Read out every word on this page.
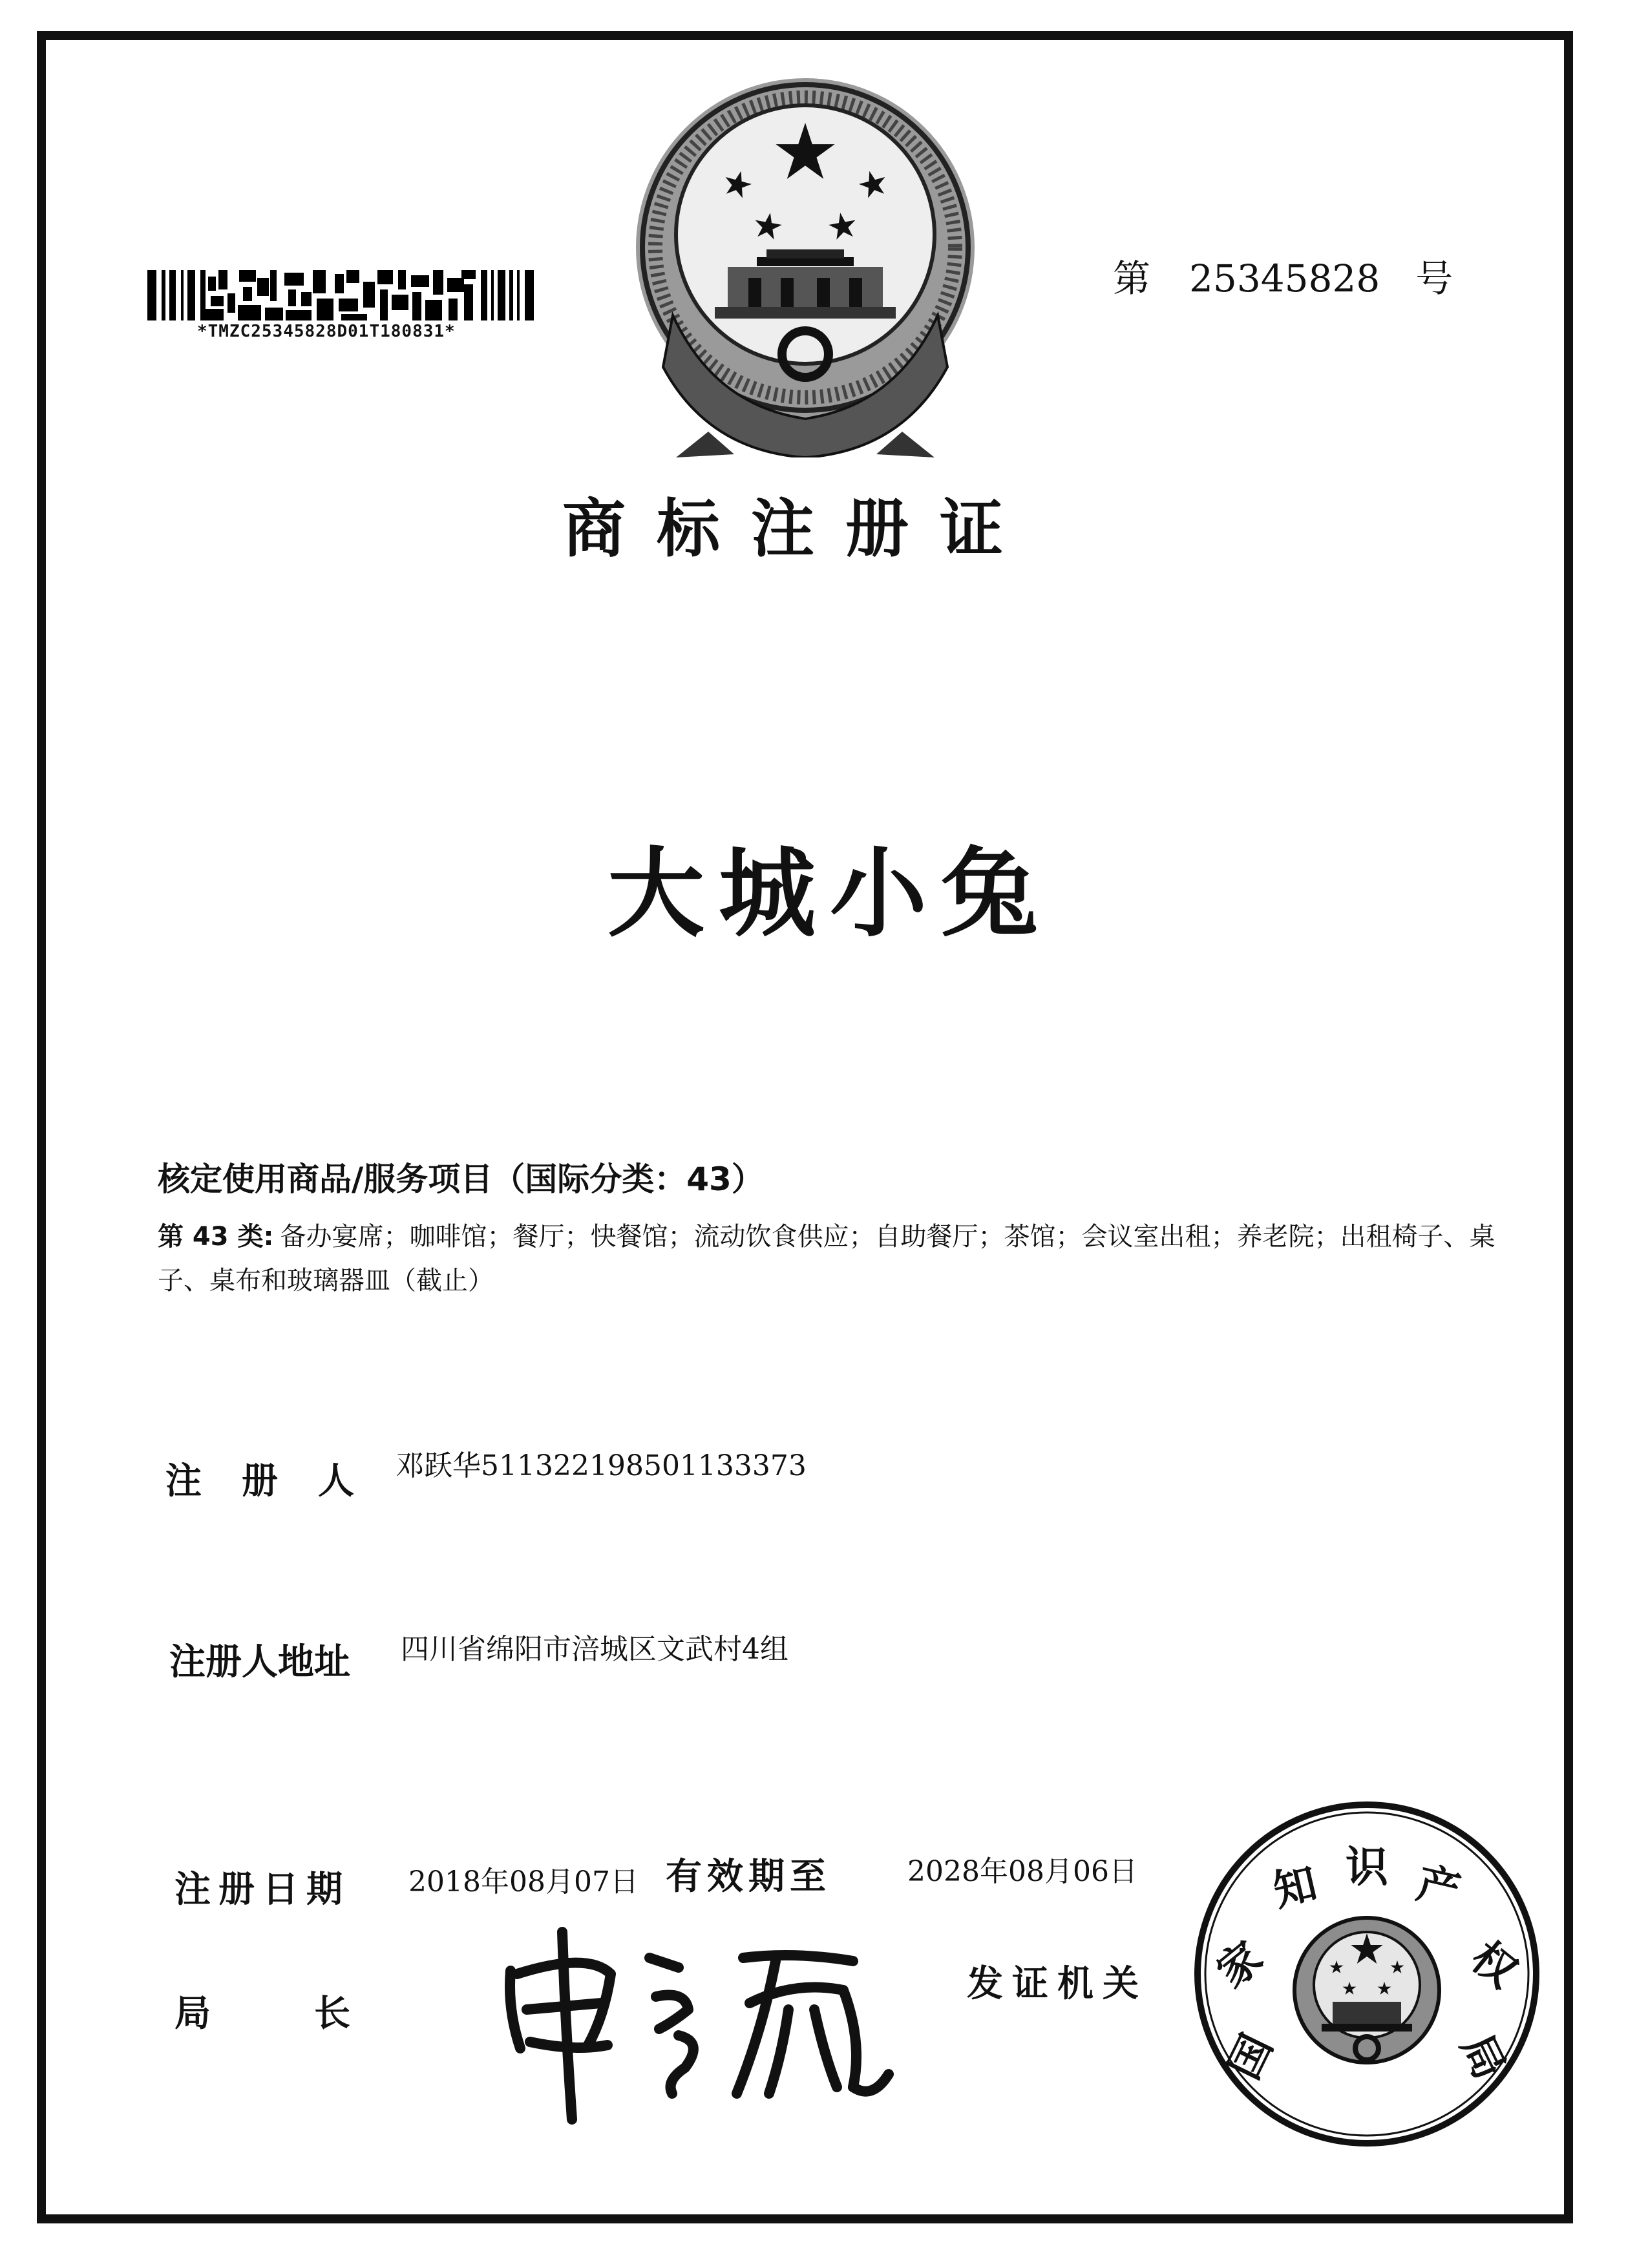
*TMZC25345828D01T180831*
第 25345828 号
商标注册证
大城小兔
核定使用商品/服务项目（国际分类：43）
第 43 类: 备办宴席；咖啡馆；餐厅；快餐馆；流动饮食供应；自助餐厅；茶馆；会议室出租；养老院；出租椅子、桌子、桌布和玻璃器皿（截止）
注册人 邓跃华511322198501133373
注册人地址 四川省绵阳市涪城区文武村4组
注册日期 2018年08月07日 有效期至	2028年08月06日
局长
发证机关
国
家
知 识 产
权
局
